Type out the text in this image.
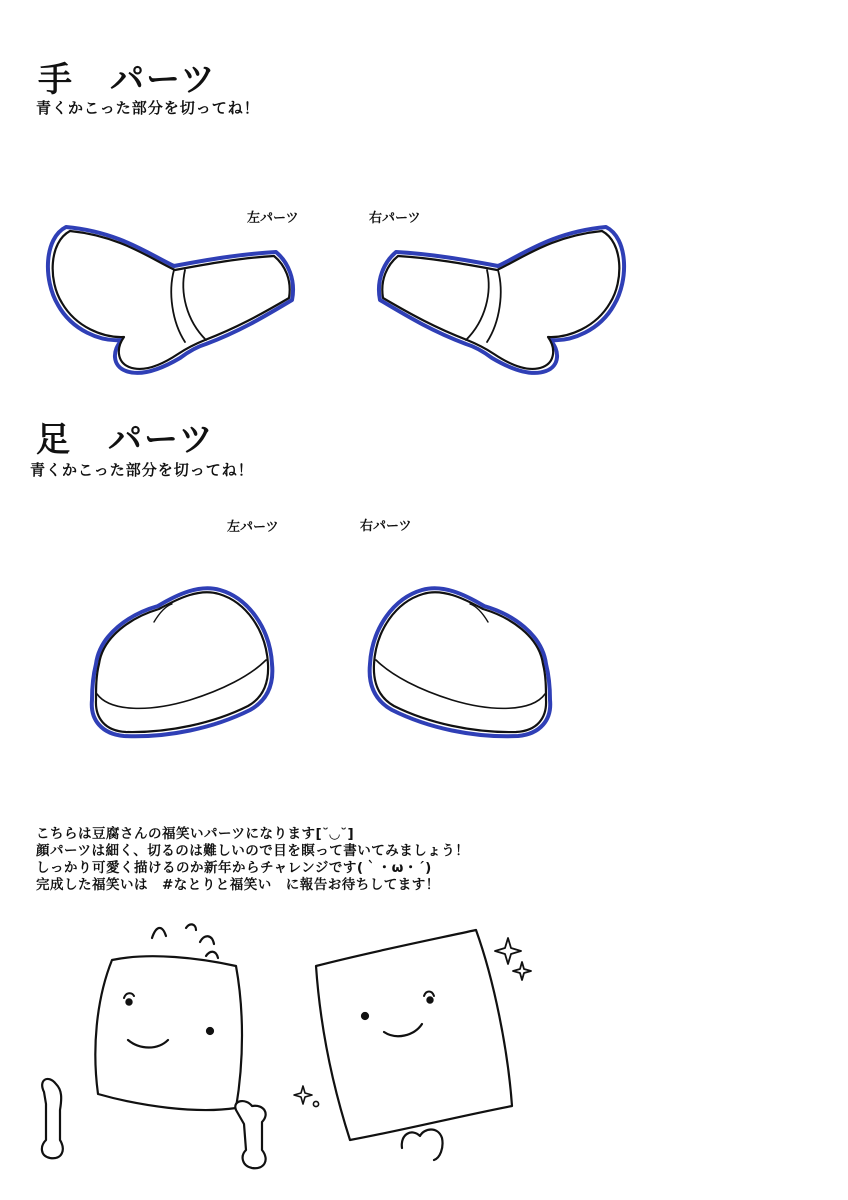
手　パーツ
青くかこった部分を切ってね！
左パーツ	右パーツ
足　パーツ
青くかこった部分を切ってね！
左パーツ	右パーツ
こちらは豆腐さんの福笑いパーツになります[˘◡˘]
顔パーツは細く、切るのは難しいので目を瞑って書いてみましょう！
しっかり可愛く描けるのか新年からチャレンジです(｀・ω・´)
完成した福笑いは　#なとりと福笑い　に報告お待ちしてます！
